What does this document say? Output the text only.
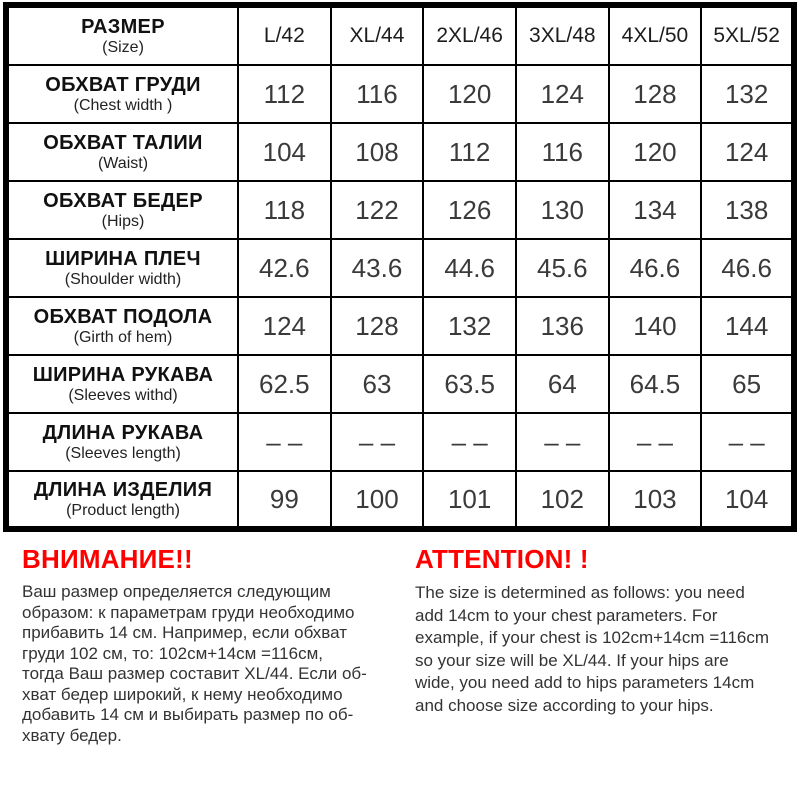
РАЗМЕР
(Size)	L/42	XL/44	2XL/46	3XL/48	4XL/50	5XL/52

ОБХВАТ ГРУДИ
(Chest width )	112	116	120	124	128	132

ОБХВАТ ТАЛИИ
(Waist)	104	108	112	116	120	124

ОБХВАТ БЕДЕР
(Hips)	118	122	126	130	134	138

ШИРИНА ПЛЕЧ
(Shoulder width)	42.6	43.6	44.6	45.6	46.6	46.6

ОБХВАТ ПОДОЛА
(Girth of hem)	124	128	132	136	140	144

ШИРИНА РУКАВА
(Sleeves withd)	62.5	63	63.5	64	64.5	65

ДЛИНА РУКАВА
(Sleeves length)	– –	– –	– –	– –	– –	– –

ДЛИНА ИЗДЕЛИЯ
(Product length)	99	100	101	102	103	104
ВНИМАНИЕ!!
Ваш размер определяется следующим
образом: к параметрам груди необходимо
прибавить 14 см. Например, если обхват
груди 102 см, то: 102см+14см =116см,
тогда Ваш размер составит XL/44. Если об-
хват бедер широкий, к нему необходимо
добавить 14 см и выбирать размер по об-
хвату бедер.
ATTENTION! !
The size is determined as follows: you need
add 14cm to your chest parameters. For
example, if your chest is 102cm+14cm =116cm
so your size will be XL/44. If your hips are
wide, you need add to hips parameters 14cm
and choose size according to your hips.
